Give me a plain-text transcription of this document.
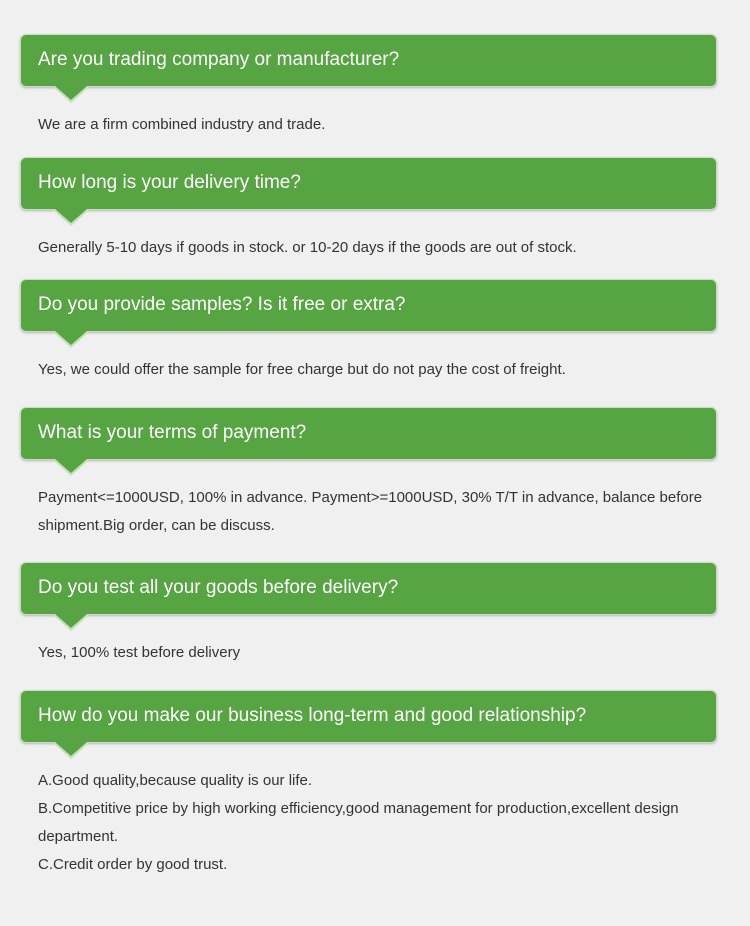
Are you trading company or manufacturer?

We are a firm combined industry and trade.

How long is your delivery time?

Generally 5-10 days if goods in stock. or 10-20 days if the goods are out of stock.

Do you provide samples? Is it free or extra?

Yes, we could offer the sample for free charge but do not pay the cost of freight.

What is your terms of payment?

Payment<=1000USD, 100% in advance. Payment>=1000USD, 30% T/T in advance, balance before shipment.Big order, can be discuss.

Do you test all your goods before delivery?

Yes, 100% test before delivery

How do you make our business long-term and good relationship?

A.Good quality,because quality is our life.

B.Competitive price by high working efficiency,good management for production,excellent design department.

C.Credit order by good trust.
